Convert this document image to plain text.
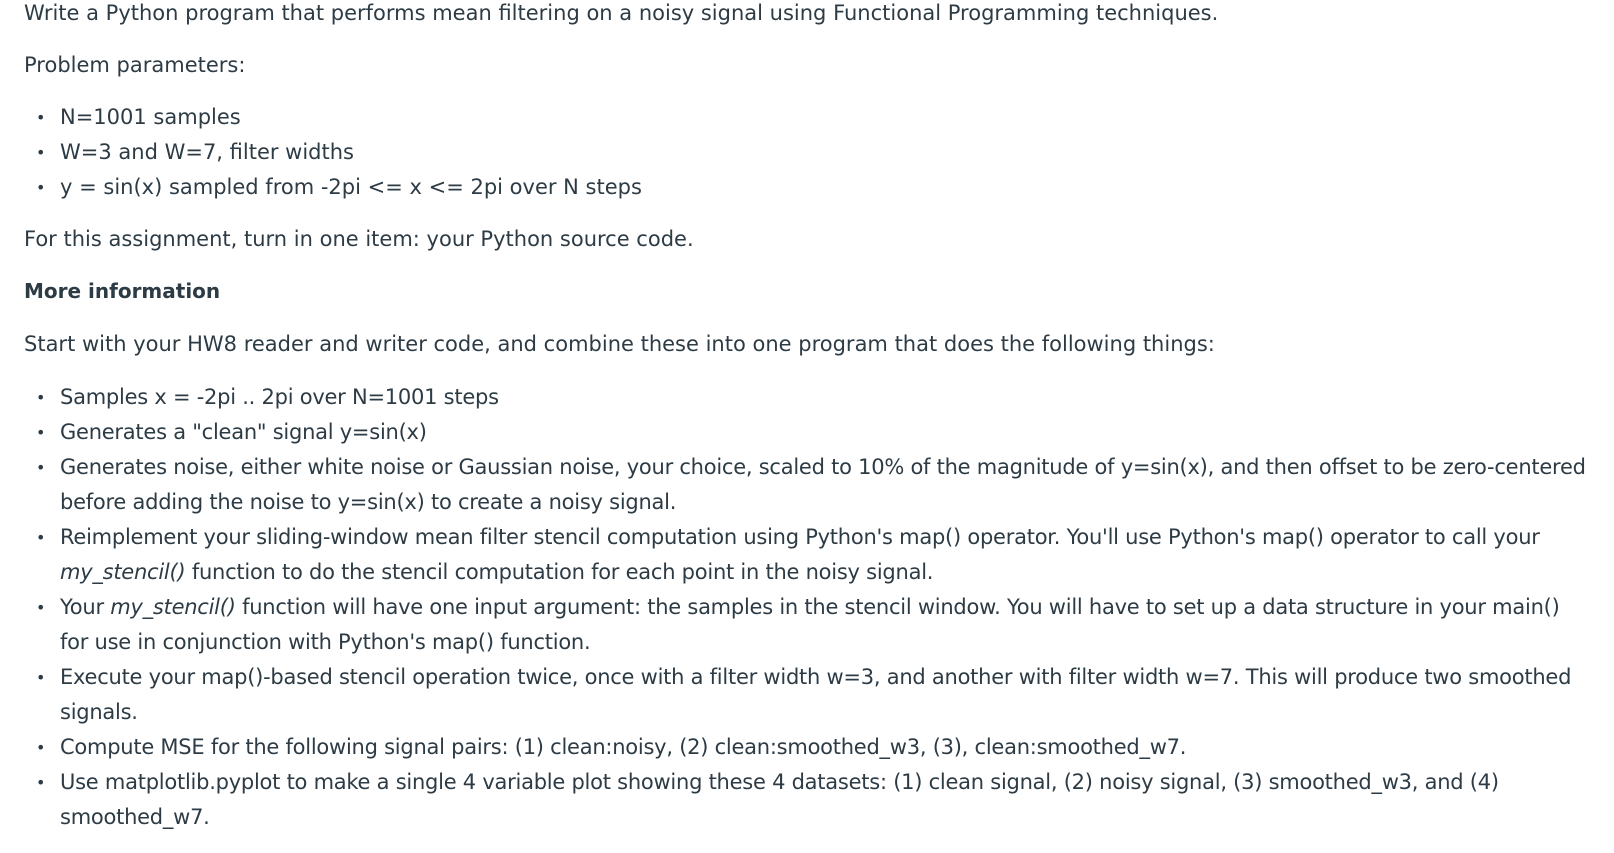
Write a Python program that performs mean filtering on a noisy signal using Functional Programming techniques.

Problem parameters:

• N=1001 samples
• W=3 and W=7, filter widths
• y = sin(x) sampled from -2pi <= x <= 2pi over N steps

For this assignment, turn in one item: your Python source code.

More information

Start with your HW8 reader and writer code, and combine these into one program that does the following things:

• Samples x = -2pi .. 2pi over N=1001 steps
• Generates a "clean" signal y=sin(x)
• Generates noise, either white noise or Gaussian noise, your choice, scaled to 10% of the magnitude of y=sin(x), and then offset to be zero-centered before adding the noise to y=sin(x) to create a noisy signal.
• Reimplement your sliding-window mean filter stencil computation using Python's map() operator. You'll use Python's map() operator to call your my_stencil() function to do the stencil computation for each point in the noisy signal.
• Your my_stencil() function will have one input argument: the samples in the stencil window. You will have to set up a data structure in your main() for use in conjunction with Python's map() function.
• Execute your map()-based stencil operation twice, once with a filter width w=3, and another with filter width w=7. This will produce two smoothed signals.
• Compute MSE for the following signal pairs: (1) clean:noisy, (2) clean:smoothed_w3, (3), clean:smoothed_w7.
• Use matplotlib.pyplot to make a single 4 variable plot showing these 4 datasets: (1) clean signal, (2) noisy signal, (3) smoothed_w3, and (4) smoothed_w7.
